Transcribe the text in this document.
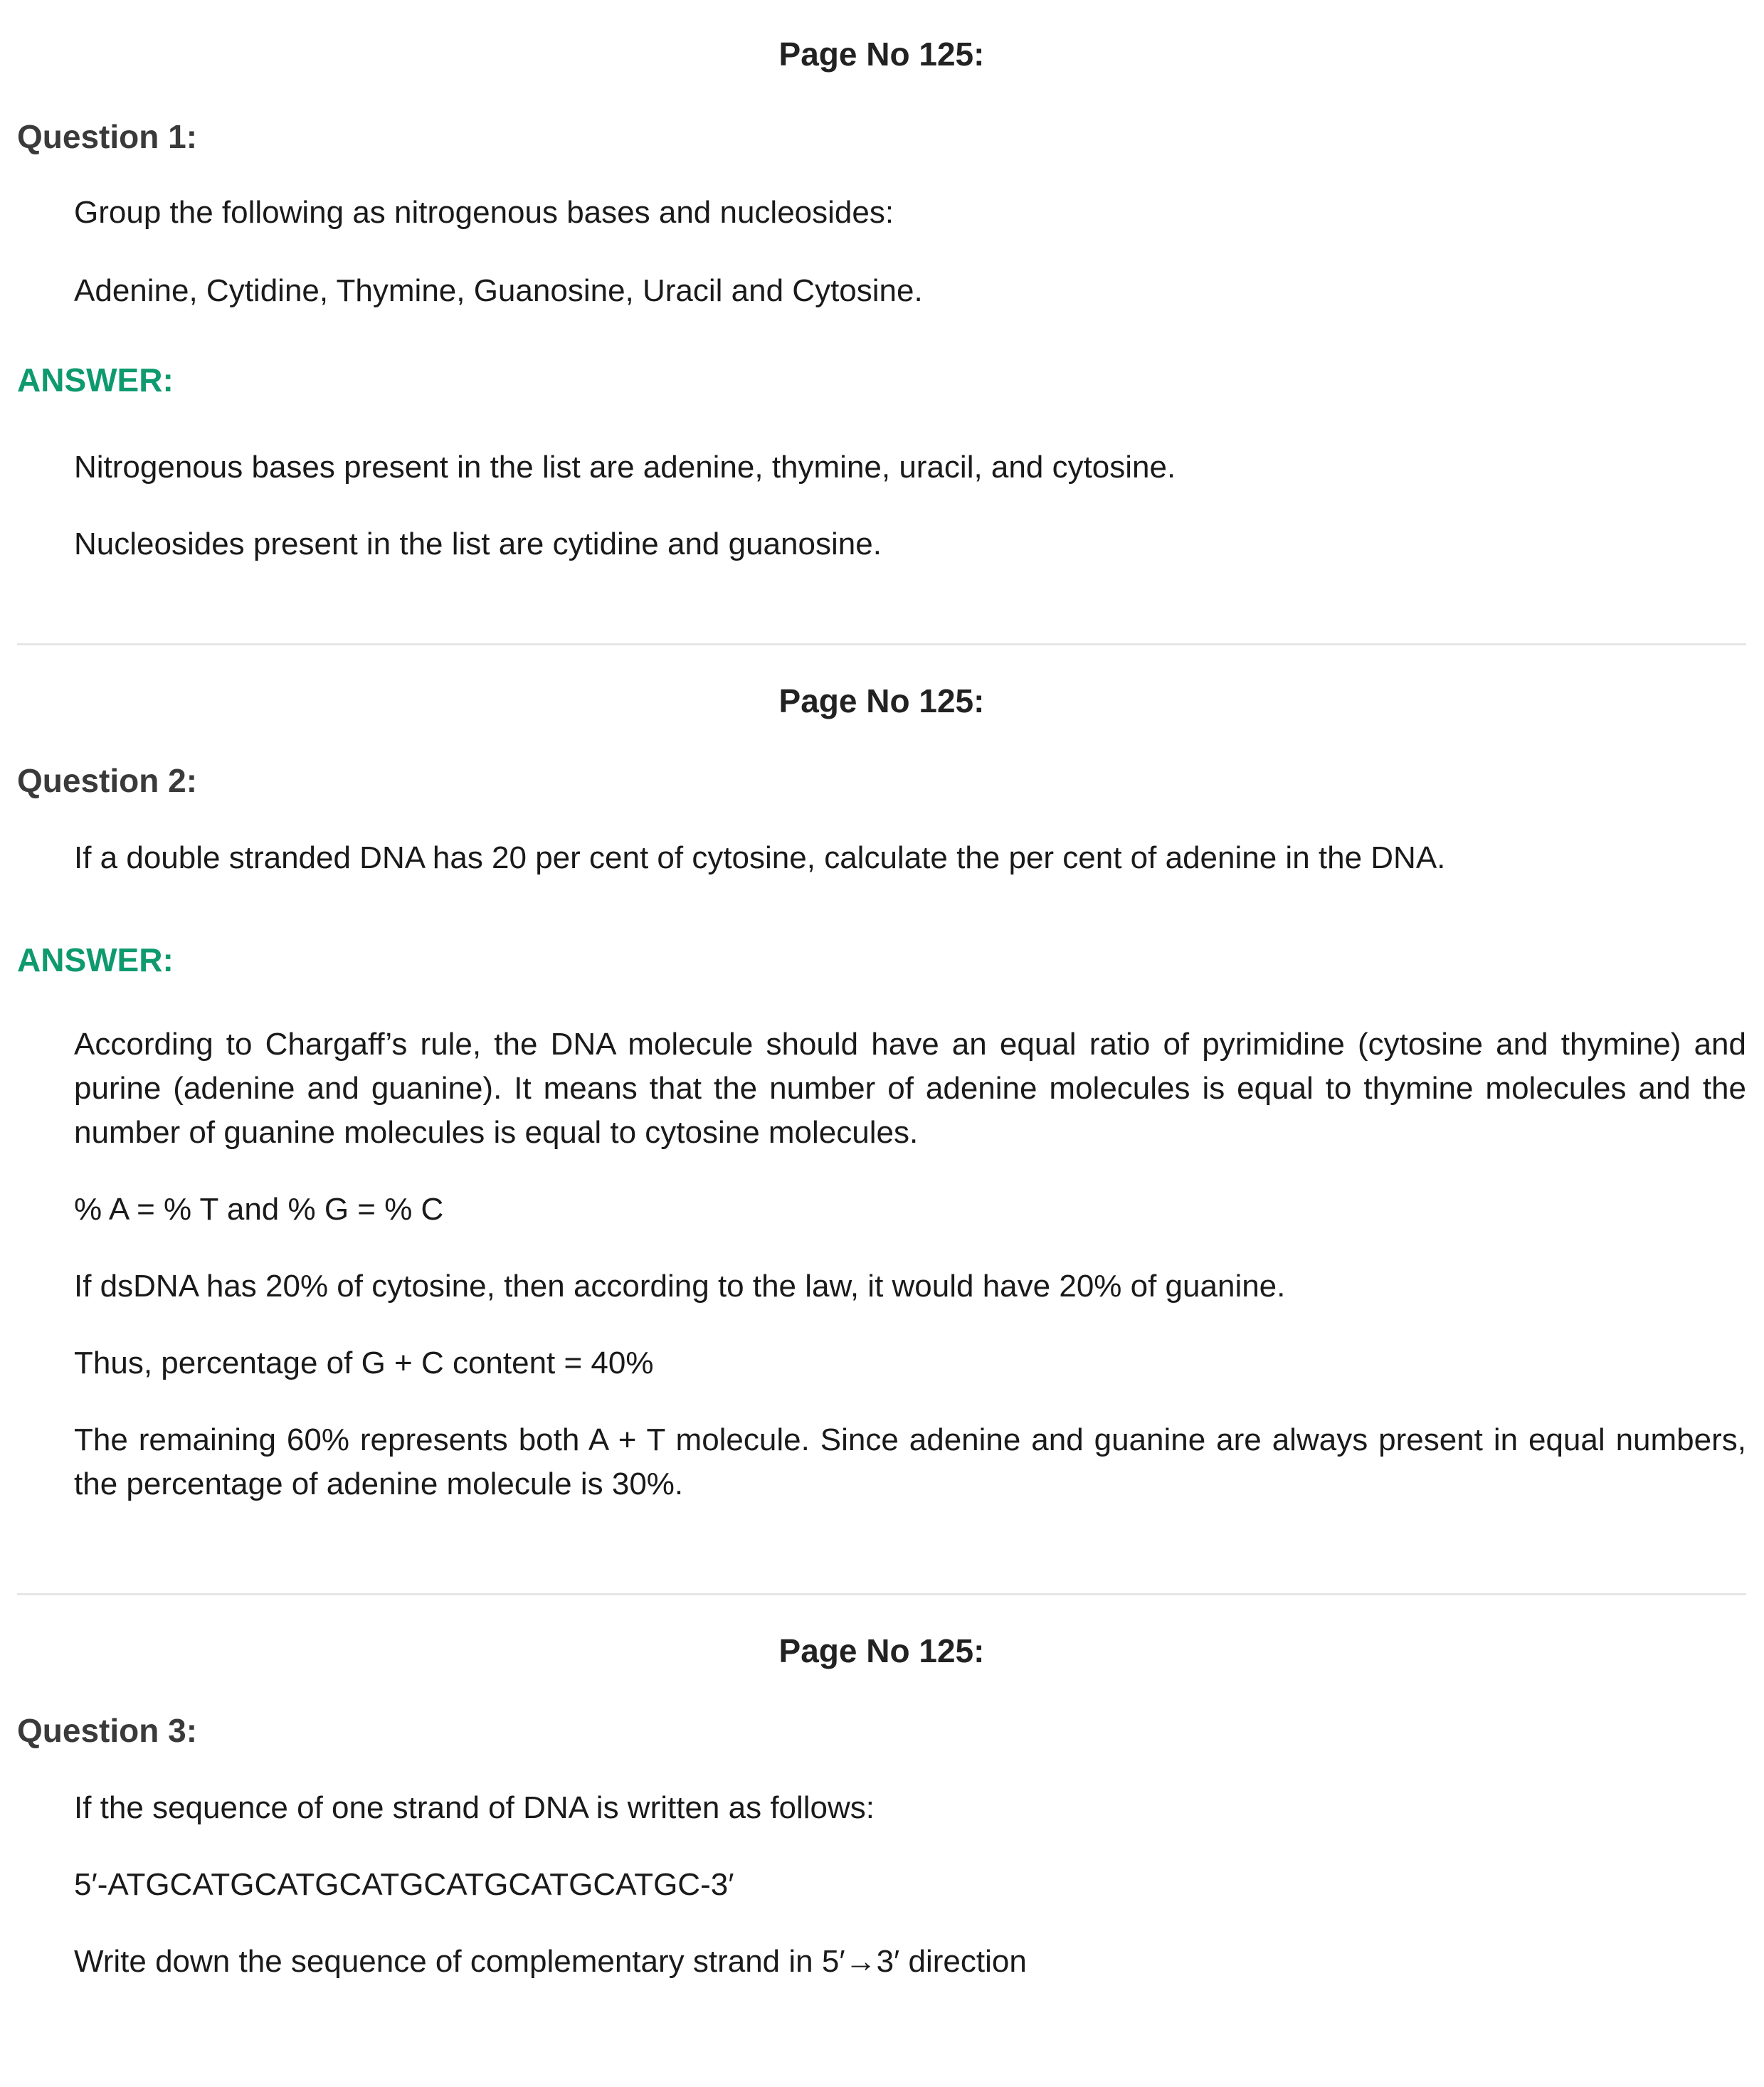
Page No 125:
Question 1:
Group the following as nitrogenous bases and nucleosides:
Adenine, Cytidine, Thymine, Guanosine, Uracil and Cytosine.
ANSWER:
Nitrogenous bases present in the list are adenine, thymine, uracil, and cytosine.
Nucleosides present in the list are cytidine and guanosine.
Page No 125:
Question 2:
If a double stranded DNA has 20 per cent of cytosine, calculate the per cent of adenine in the DNA.
ANSWER:
According to Chargaff’s rule, the DNA molecule should have an equal ratio of pyrimidine (cytosine and thymine) and purine (adenine and guanine). It means that the number of adenine molecules is equal to thymine molecules and the number of guanine molecules is equal to cytosine molecules.
% A = % T and % G = % C
If dsDNA has 20% of cytosine, then according to the law, it would have 20% of guanine.
Thus, percentage of G + C content = 40%
The remaining 60% represents both A + T molecule. Since adenine and guanine are always present in equal numbers, the percentage of adenine molecule is 30%.
Page No 125:
Question 3:
If the sequence of one strand of DNA is written as follows:
5′-ATGCATGCATGCATGCATGCATGCATGC-3′
Write down the sequence of complementary strand in 5′→3′ direction
